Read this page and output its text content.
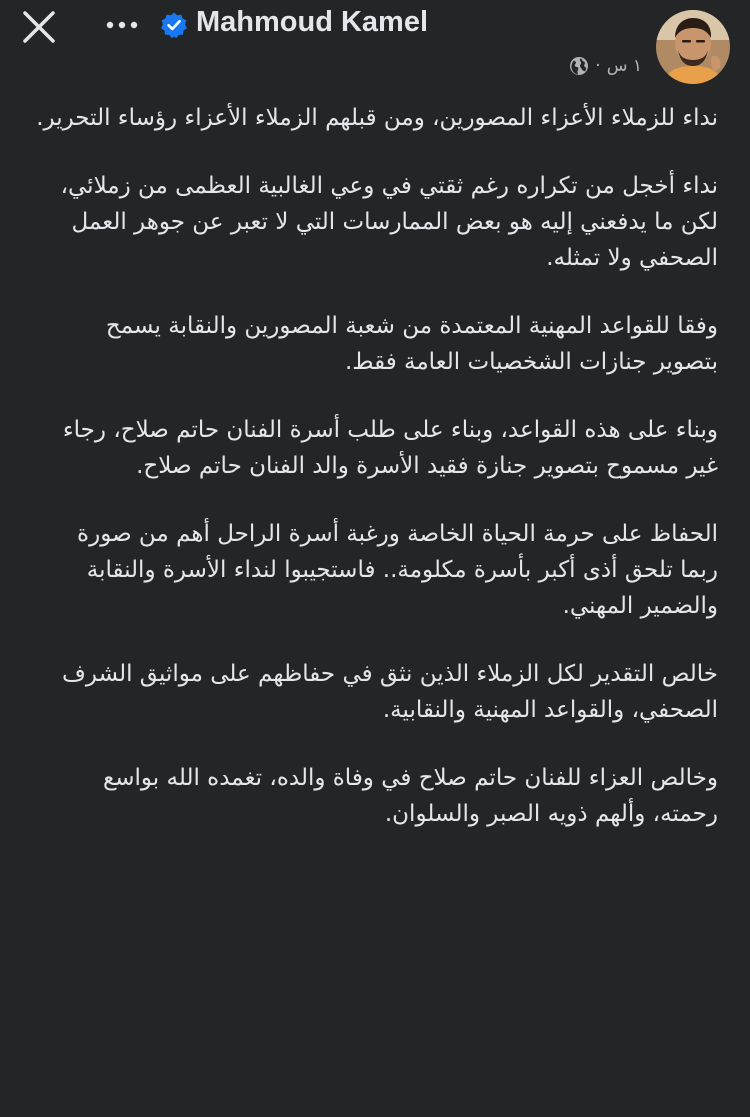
Mahmoud Kamel
١ س
·

نداء للزملاء الأعزاء المصورين، ومن قبلهم الزملاء الأعزاء رؤساء التحرير.

نداء أخجل من تكراره رغم ثقتي في وعي الغالبية العظمى من زملائي، لكن ما يدفعني إليه هو بعض الممارسات التي لا تعبر عن جوهر العمل الصحفي ولا تمثله.

وفقا للقواعد المهنية المعتمدة من شعبة المصورين والنقابة يسمح بتصوير جنازات الشخصيات العامة فقط.

وبناء على هذه القواعد، وبناء على طلب أسرة الفنان حاتم صلاح، رجاء غير مسموح بتصوير جنازة فقيد الأسرة والد الفنان حاتم صلاح.

الحفاظ على حرمة الحياة الخاصة ورغبة أسرة الراحل أهم من صورة ربما تلحق أذى أكبر بأسرة مكلومة.. فاستجيبوا لنداء الأسرة والنقابة والضمير المهني.

خالص التقدير لكل الزملاء الذين نثق في حفاظهم على مواثيق الشرف الصحفي، والقواعد المهنية والنقابية.

وخالص العزاء للفنان حاتم صلاح في وفاة والده، تغمده الله بواسع رحمته، وألهم ذويه الصبر والسلوان.
